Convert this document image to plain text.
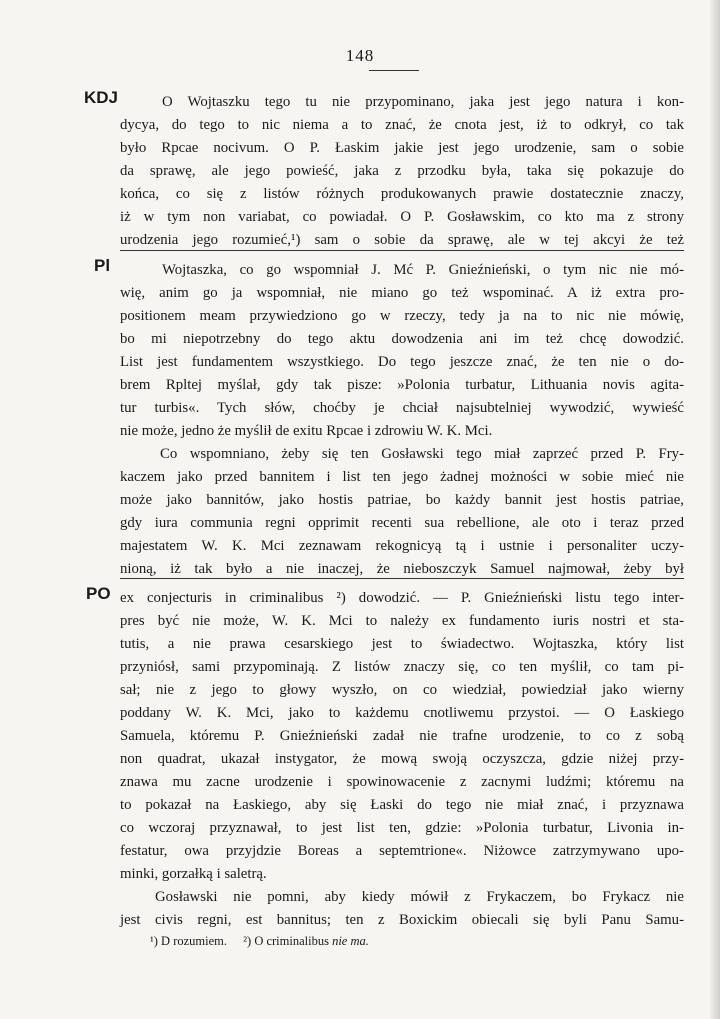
148
KDJ	O Wojtaszku tego tu nie przypominano, jaka jest jego natura i kon-
dycya, do tego to nic niema a to znać, że cnota jest, iż to odkrył, co tak
było Rpcae nocivum. O P. Łaskim jakie jest jego urodzenie, sam o sobie
da sprawę, ale jego powieść, jaka z przodku była, taka się pokazuje do
końca, co się z listów różnych produkowanych prawie dostatecznie znaczy,
iż w tym non variabat, co powiadał. O P. Gosławskim, co kto ma z strony
urodzenia jego rozumieć,¹) sam o sobie da sprawę, ale w tej akcyi że też
Pl	Wojtaszka, co go wspomniał J. Mć P. Gnieźnieński, o tym nic nie mó-
wię, anim go ja wspomniał, nie miano go też wspominać. A iż extra pro-
positionem meam przywiedziono go w rzeczy, tedy ja na to nic nie mówię,
bo mi niepotrzebny do tego aktu dowodzenia ani im też chcę dowodzić.
List jest fundamentem wszystkiego. Do tego jeszcze znać, że ten nie o do-
brem Rpltej myślał, gdy tak pisze: »Polonia turbatur, Lithuania novis agita-
tur turbis«. Tych słów, choćby je chciał najsubtelniej wywodzić, wywieść
nie może, jedno że myślił de exitu Rpcae i zdrowiu W. K. Mci.
Co wspomniano, żeby się ten Gosławski tego miał zaprzeć przed P. Fry-
kaczem jako przed bannitem i list ten jego żadnej możności w sobie mieć nie
może jako bannitów, jako hostis patriae, bo każdy bannit jest hostis patriae,
gdy iura communia regni opprimit recenti sua rebellione, ale oto i teraz przed
majestatem W. K. Mci zeznawam rekognicyą tą i ustnie i personaliter uczy-
nioną, iż tak było a nie inaczej, że nieboszczyk Samuel najmował, żeby był
PO ex conjecturis in criminalibus ²) dowodzić. — P. Gnieźnieński listu tego inter-
pres być nie może, W. K. Mci to należy ex fundamento iuris nostri et sta-
tutis, a nie prawa cesarskiego jest to świadectwo. Wojtaszka, który list
przyniósł, sami przypominają. Z listów znaczy się, co ten myślił, co tam pi-
sał; nie z jego to głowy wyszło, on co wiedział, powiedział jako wierny
poddany W. K. Mci, jako to każdemu cnotliwemu przystoi. — O Łaskiego
Samuela, któremu P. Gnieźnieński zadał nie trafne urodzenie, to co z sobą
non quadrat, ukazał instygator, że mową swoją oczyszcza, gdzie niżej przy-
znawa mu zacne urodzenie i spowinowacenie z zacnymi ludźmi; któremu na
to pokazał na Łaskiego, aby się Łaski do tego nie miał znać, i przyznawa
co wczoraj przyznawał, to jest list ten, gdzie: »Polonia turbatur, Livonia in-
festatur, owa przyjdzie Boreas a septemtrione«. Niżowce zatrzymywano upo-
minki, gorzałką i saletrą.
Gosławski nie pomni, aby kiedy mówił z Frykaczem, bo Frykacz nie
jest civis regni, est bannitus; ten z Boxickim obiecali się byli Panu Samu-
¹) D rozumiem. ²) O criminalibus nie ma.
